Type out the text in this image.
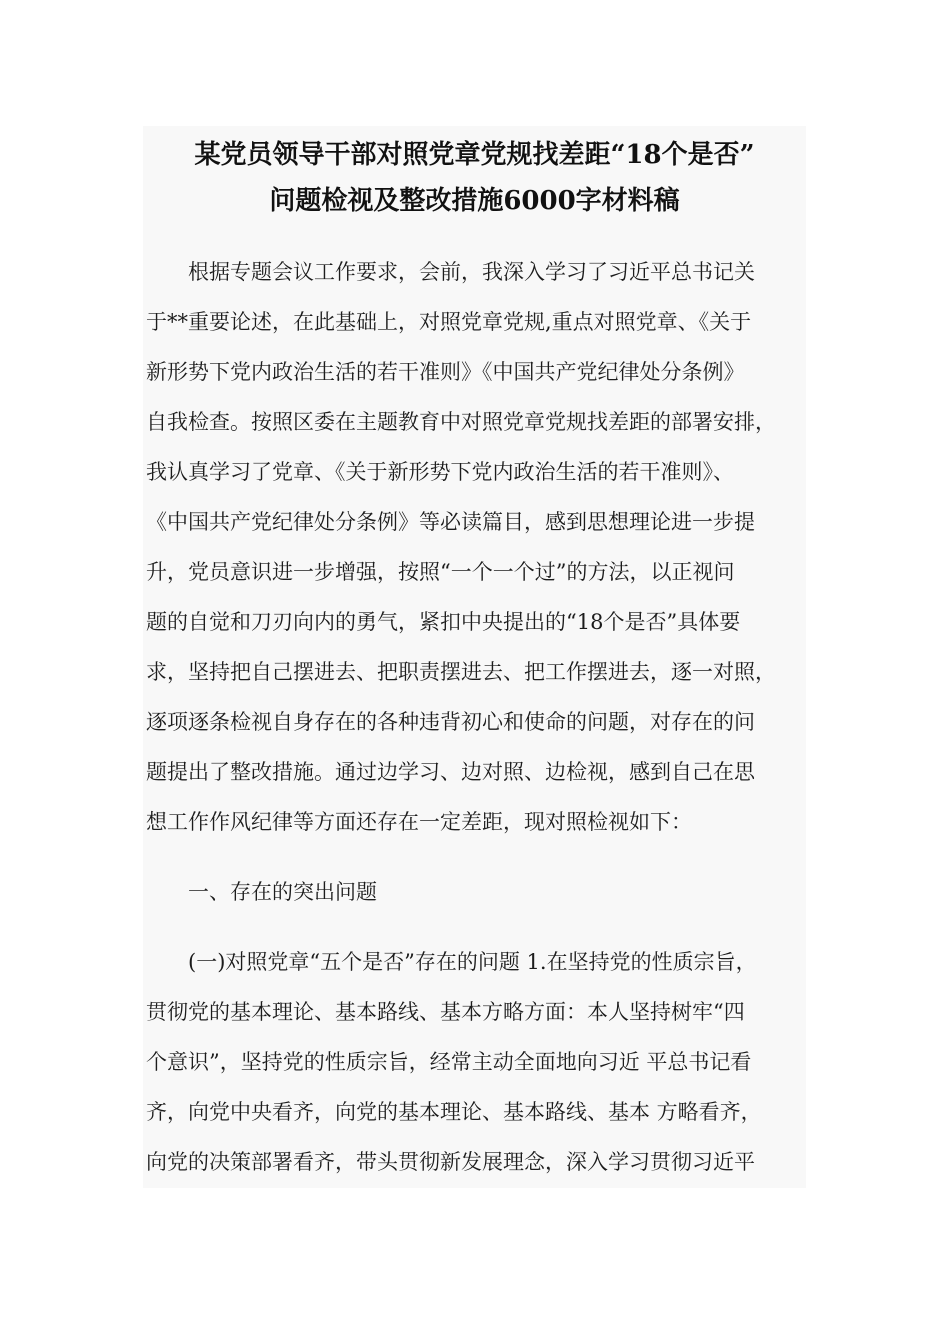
某党员领导干部对照党章党规找差距“18个是否”
问题检视及整改措施6000字材料稿
根据专题会议工作要求，会前，我深入学习了习近平总书记关
于**重要论述，在此基础上，对照党章党规,重点对照党章、《关于
新形势下党内政治生活的若干准则》《中国共产党纪律处分条例》
自我检查。按照区委在主题教育中对照党章党规找差距的部署安排，
我认真学习了党章、《关于新形势下党内政治生活的若干准则》、
《中国共产党纪律处分条例》等必读篇目，感到思想理论进一步提
升，党员意识进一步增强，按照“一个一个过”的方法，以正视问
题的自觉和刀刃向内的勇气，紧扣中央提出的“18个是否”具体要
求，坚持把自己摆进去、把职责摆进去、把工作摆进去，逐一对照，
逐项逐条检视自身存在的各种违背初心和使命的问题，对存在的问
题提出了整改措施。通过边学习、边对照、边检视，感到自己在思
想工作作风纪律等方面还存在一定差距，现对照检视如下：
一、存在的突出问题
(一)对照党章“五个是否”存在的问题 1.在坚持党的性质宗旨，
贯彻党的基本理论、基本路线、基本方略方面：本人坚持树牢“四
个意识”，坚持党的性质宗旨，经常主动全面地向习近 平总书记看
齐，向党中央看齐，向党的基本理论、基本路线、基本 方略看齐，
向党的决策部署看齐，带头贯彻新发展理念，深入学习贯彻习近平
